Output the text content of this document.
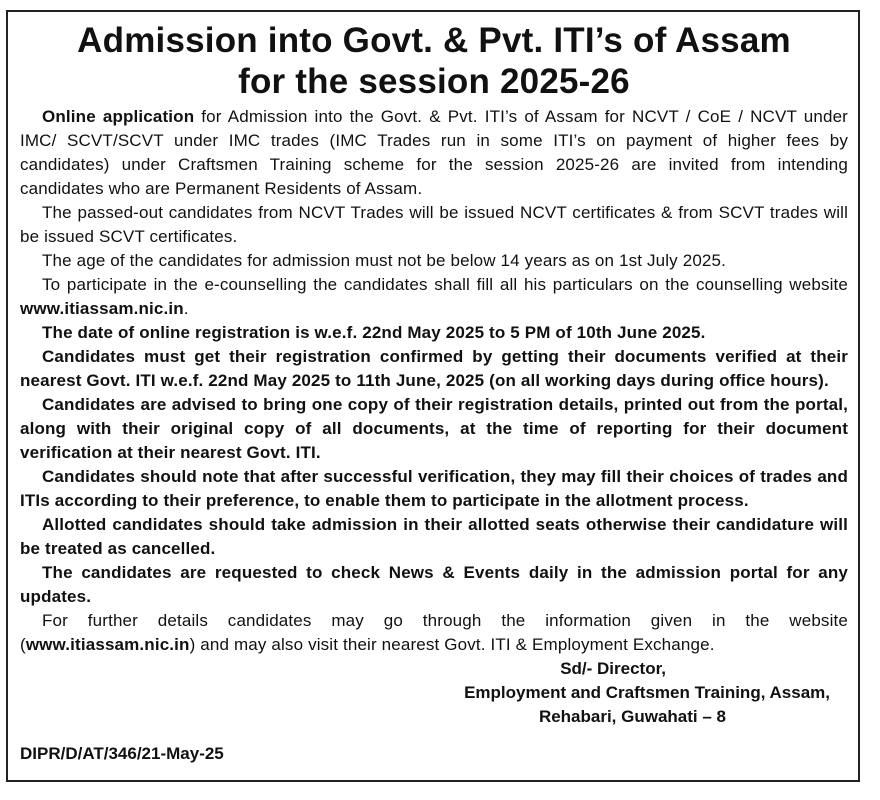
Admission into Govt. & Pvt. ITI’s of Assam
for the session 2025-26

Online application for Admission into the Govt. & Pvt. ITI’s of Assam for NCVT / CoE / NCVT under IMC/ SCVT/SCVT under IMC trades (IMC Trades run in some ITI’s on payment of higher fees by candidates) under Craftsmen Training scheme for the session 2025-26 are invited from intending candidates who are Permanent Residents of Assam.

The passed-out candidates from NCVT Trades will be issued NCVT certificates & from SCVT trades will be issued SCVT certificates.

The age of the candidates for admission must not be below 14 years as on 1st July 2025.

To participate in the e-counselling the candidates shall fill all his particulars on the counselling website www.itiassam.nic.in.

The date of online registration is w.e.f. 22nd May 2025 to 5 PM of 10th June 2025.

Candidates must get their registration confirmed by getting their documents verified at their nearest Govt. ITI w.e.f. 22nd May 2025 to 11th June, 2025 (on all working days during office hours).

Candidates are advised to bring one copy of their registration details, printed out from the portal, along with their original copy of all documents, at the time of reporting for their document verification at their nearest Govt. ITI.

Candidates should note that after successful verification, they may fill their choices of trades and ITIs according to their preference, to enable them to participate in the allotment process.

Allotted candidates should take admission in their allotted seats otherwise their candidature will be treated as cancelled.

The candidates are requested to check News & Events daily in the admission portal for any updates.

For further details candidates may go through the information given in the website (www.itiassam.nic.in) and may also visit their nearest Govt. ITI & Employment Exchange.

Sd/- Director,

Employment and Craftsmen Training, Assam,

Rehabari, Guwahati – 8

DIPR/D/AT/346/21-May-25
